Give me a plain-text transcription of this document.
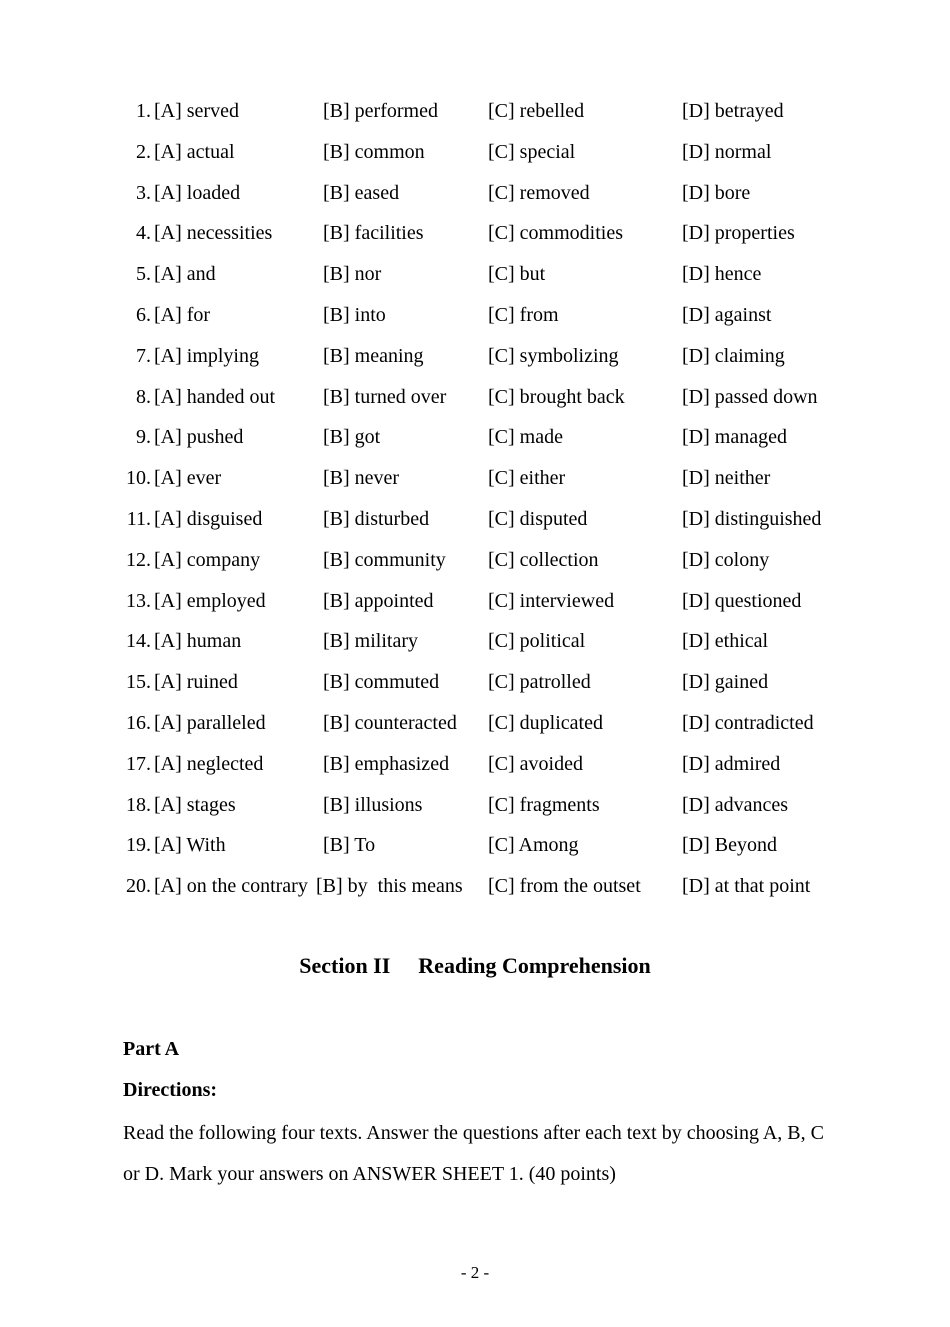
1. [A] served	[B] performed	[C] rebelled	[D] betrayed
2. [A] actual	[B] common	[C] special	[D] normal
3. [A] loaded	[B] eased	[C] removed	[D] bore
4. [A] necessities	[B] facilities	[C] commodities	[D] properties
5. [A] and	[B] nor	[C] but	[D] hence
6. [A] for	[B] into	[C] from	[D] against
7. [A] implying	[B] meaning	[C] symbolizing	[D] claiming
8. [A] handed out [B] turned over [C] brought back	[D] passed down
9. [A] pushed	[B] got	[C] made	[D] managed
10. [A] ever	[B] never	[C] either	[D] neither
11. [A] disguised	[B] disturbed	[C] disputed	[D] distinguished
12. [A] company	[B] community [C] collection	[D] colony
13. [A] employed	[B] appointed	[C] interviewed	[D] questioned
14. [A] human	[B] military	[C] political	[D] ethical
15. [A] ruined	[B] commuted [C] patrolled	[D] gained
16. [A] paralleled	[B] counteracted [C] duplicated	[D] contradicted
17. [A] neglected	[B] emphasized [C] avoided	[D] admired
18. [A] stages	[B] illusions	[C] fragments	[D] advances
19. [A] With	[B] To	[C] Among	[D] Beyond
20. [A] on the contrary [B] by  this means [C] from the outset [D] at that point
Section II Reading Comprehension
Part A
Directions:
Read the following four texts. Answer the questions after each text by choosing A, B, C or D. Mark your answers on ANSWER SHEET 1. (40 points)
- 2 -
